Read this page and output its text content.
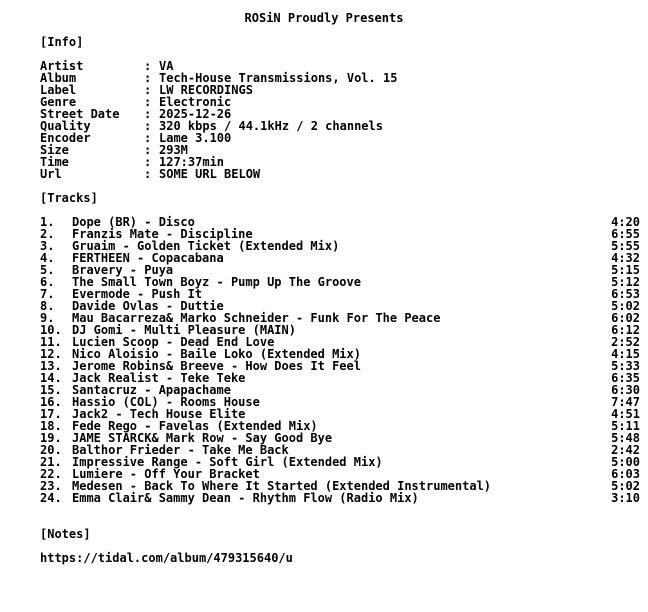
ROSiN Proudly Presents
[Info]
Artist	: VA
Album	: Tech-House Transmissions, Vol. 15
Label	: LW RECORDINGS
Genre	: Electronic
Street Date : 2025-12-26
Quality	: 320 kbps / 44.1kHz / 2 channels
Encoder	: Lame 3.100
Size	: 293M
Time	: 127:37min
Url	: SOME URL BELOW
[Tracks]
1. Dope (BR) - Disco	4:20
2. Franzis Mate - Discipline	6:55
3. Gruaim - Golden Ticket (Extended Mix)	5:55
4. FERTHEEN - Copacabana	4:32
5. Bravery - Puya	5:15
6. The Small Town Boyz - Pump Up The Groove	5:12
7. Evermode - Push It	6:53
8. Davide Ovlas - Duttie	5:02
9. Mau Bacarreza& Marko Schneider - Funk For The Peace	6:02
10. DJ Gomi - Multi Pleasure (MAIN)	6:12
11. Lucien Scoop - Dead End Love	2:52
12. Nico Aloisio - Baile Loko (Extended Mix)	4:15
13. Jerome Robins& Breeve - How Does It Feel	5:33
14. Jack Realist - Teke Teke	6:35
15. Santacruz - Apapachame	6:30
16. Hassio (COL) - Rooms House	7:47
17. Jack2 - Tech House Elite	4:51
18. Fede Rego - Favelas (Extended Mix)	5:11
19. JAME STARCK& Mark Row - Say Good Bye	5:48
20. Balthor Frieder - Take Me Back	2:42
21. Impressive Range - Soft Girl (Extended Mix)	5:00
22. Lumiere - Off Your Bracket	6:03
23. Medesen - Back To Where It Started (Extended Instrumental)	5:02
24. Emma Clair& Sammy Dean - Rhythm Flow (Radio Mix)	3:10
[Notes]
https://tidal.com/album/479315640/u
